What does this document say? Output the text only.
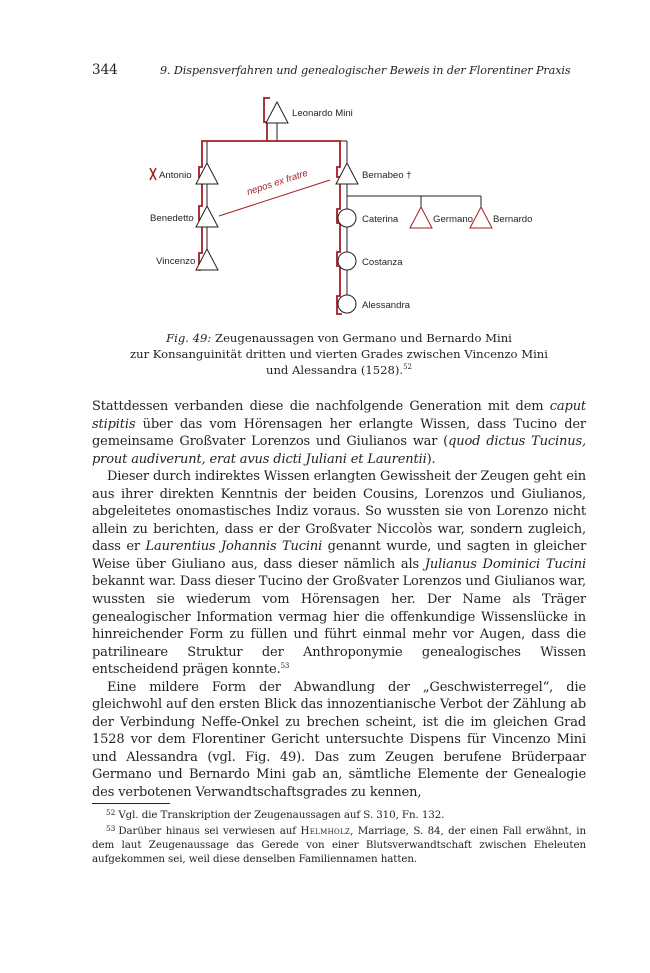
344	9. Dispensverfahren und genealogischer Beweis in der Florentiner Praxis
nepos ex fratre
Leonardo Mini
Antonio
Benedetto
Vincenzo
Bernabeo †
Caterina	Germano Bernardo
Costanza
Alessandra
Fig. 49: Zeugenaussagen von Germano und Bernardo Mini
zur Konsanguinität dritten und vierten Grades zwischen Vincenzo Mini
und Alessandra (1528).$^{52}$

Stattdessen verbanden diese die nachfolgende Generation mit dem caput stipitis über das vom Hörensagen her erlangte Wissen, dass Tucino der gemeinsame Großvater Lorenzos und Giulianos war (quod dictus Tucinus, prout audiverunt, erat avus dicti Juliani et Laurentii).

Dieser durch indirektes Wissen erlangten Gewissheit der Zeugen geht ein aus ihrer direkten Kenntnis der beiden Cousins, Lorenzos und Giulianos, abgeleitetes onomastisches Indiz voraus. So wussten sie von Lorenzo nicht allein zu berichten, dass er der Großvater Niccolòs war, sondern zugleich, dass er Laurentius Johannis Tucini genannt wurde, und sagten in gleicher Weise über Giuliano aus, dass dieser nämlich als Julianus Dominici Tucini bekannt war. Dass dieser Tucino der Großvater Lorenzos und Giulianos war, wussten sie wiederum vom Hörensagen her. Der Name als Träger genealogischer Information vermag hier die offenkundige Wissenslücke in hinreichender Form zu füllen und führt einmal mehr vor Augen, dass die patrilineare Struktur der Anthroponymie genealogisches Wissen entscheidend prägen konnte.$^{53}$

Eine mildere Form der Abwandlung der „Geschwisterregel“, die gleichwohl auf den ersten Blick das innozentianische Verbot der Zählung ab der Verbindung Neffe-Onkel zu brechen scheint, ist die im gleichen Grad 1528 vor dem Florentiner Gericht untersuchte Dispens für Vincenzo Mini und Alessandra (vgl. Fig. 49). Das zum Zeugen berufene Brüderpaar Germano und Bernardo Mini gab an, sämtliche Elemente der Genealogie des verbotenen Verwandtschaftsgrades zu kennen,

$^{52}$ Vgl. die Transkription der Zeugenaussagen auf S. 310, Fn. 132.

$^{53}$ Darüber hinaus sei verwiesen auf Helmholz, Marriage, S. 84, der einen Fall erwähnt, in dem laut Zeugenaussage das Gerede von einer Blutsverwandtschaft zwischen Eheleuten aufgekommen sei, weil diese denselben Familiennamen hatten.
